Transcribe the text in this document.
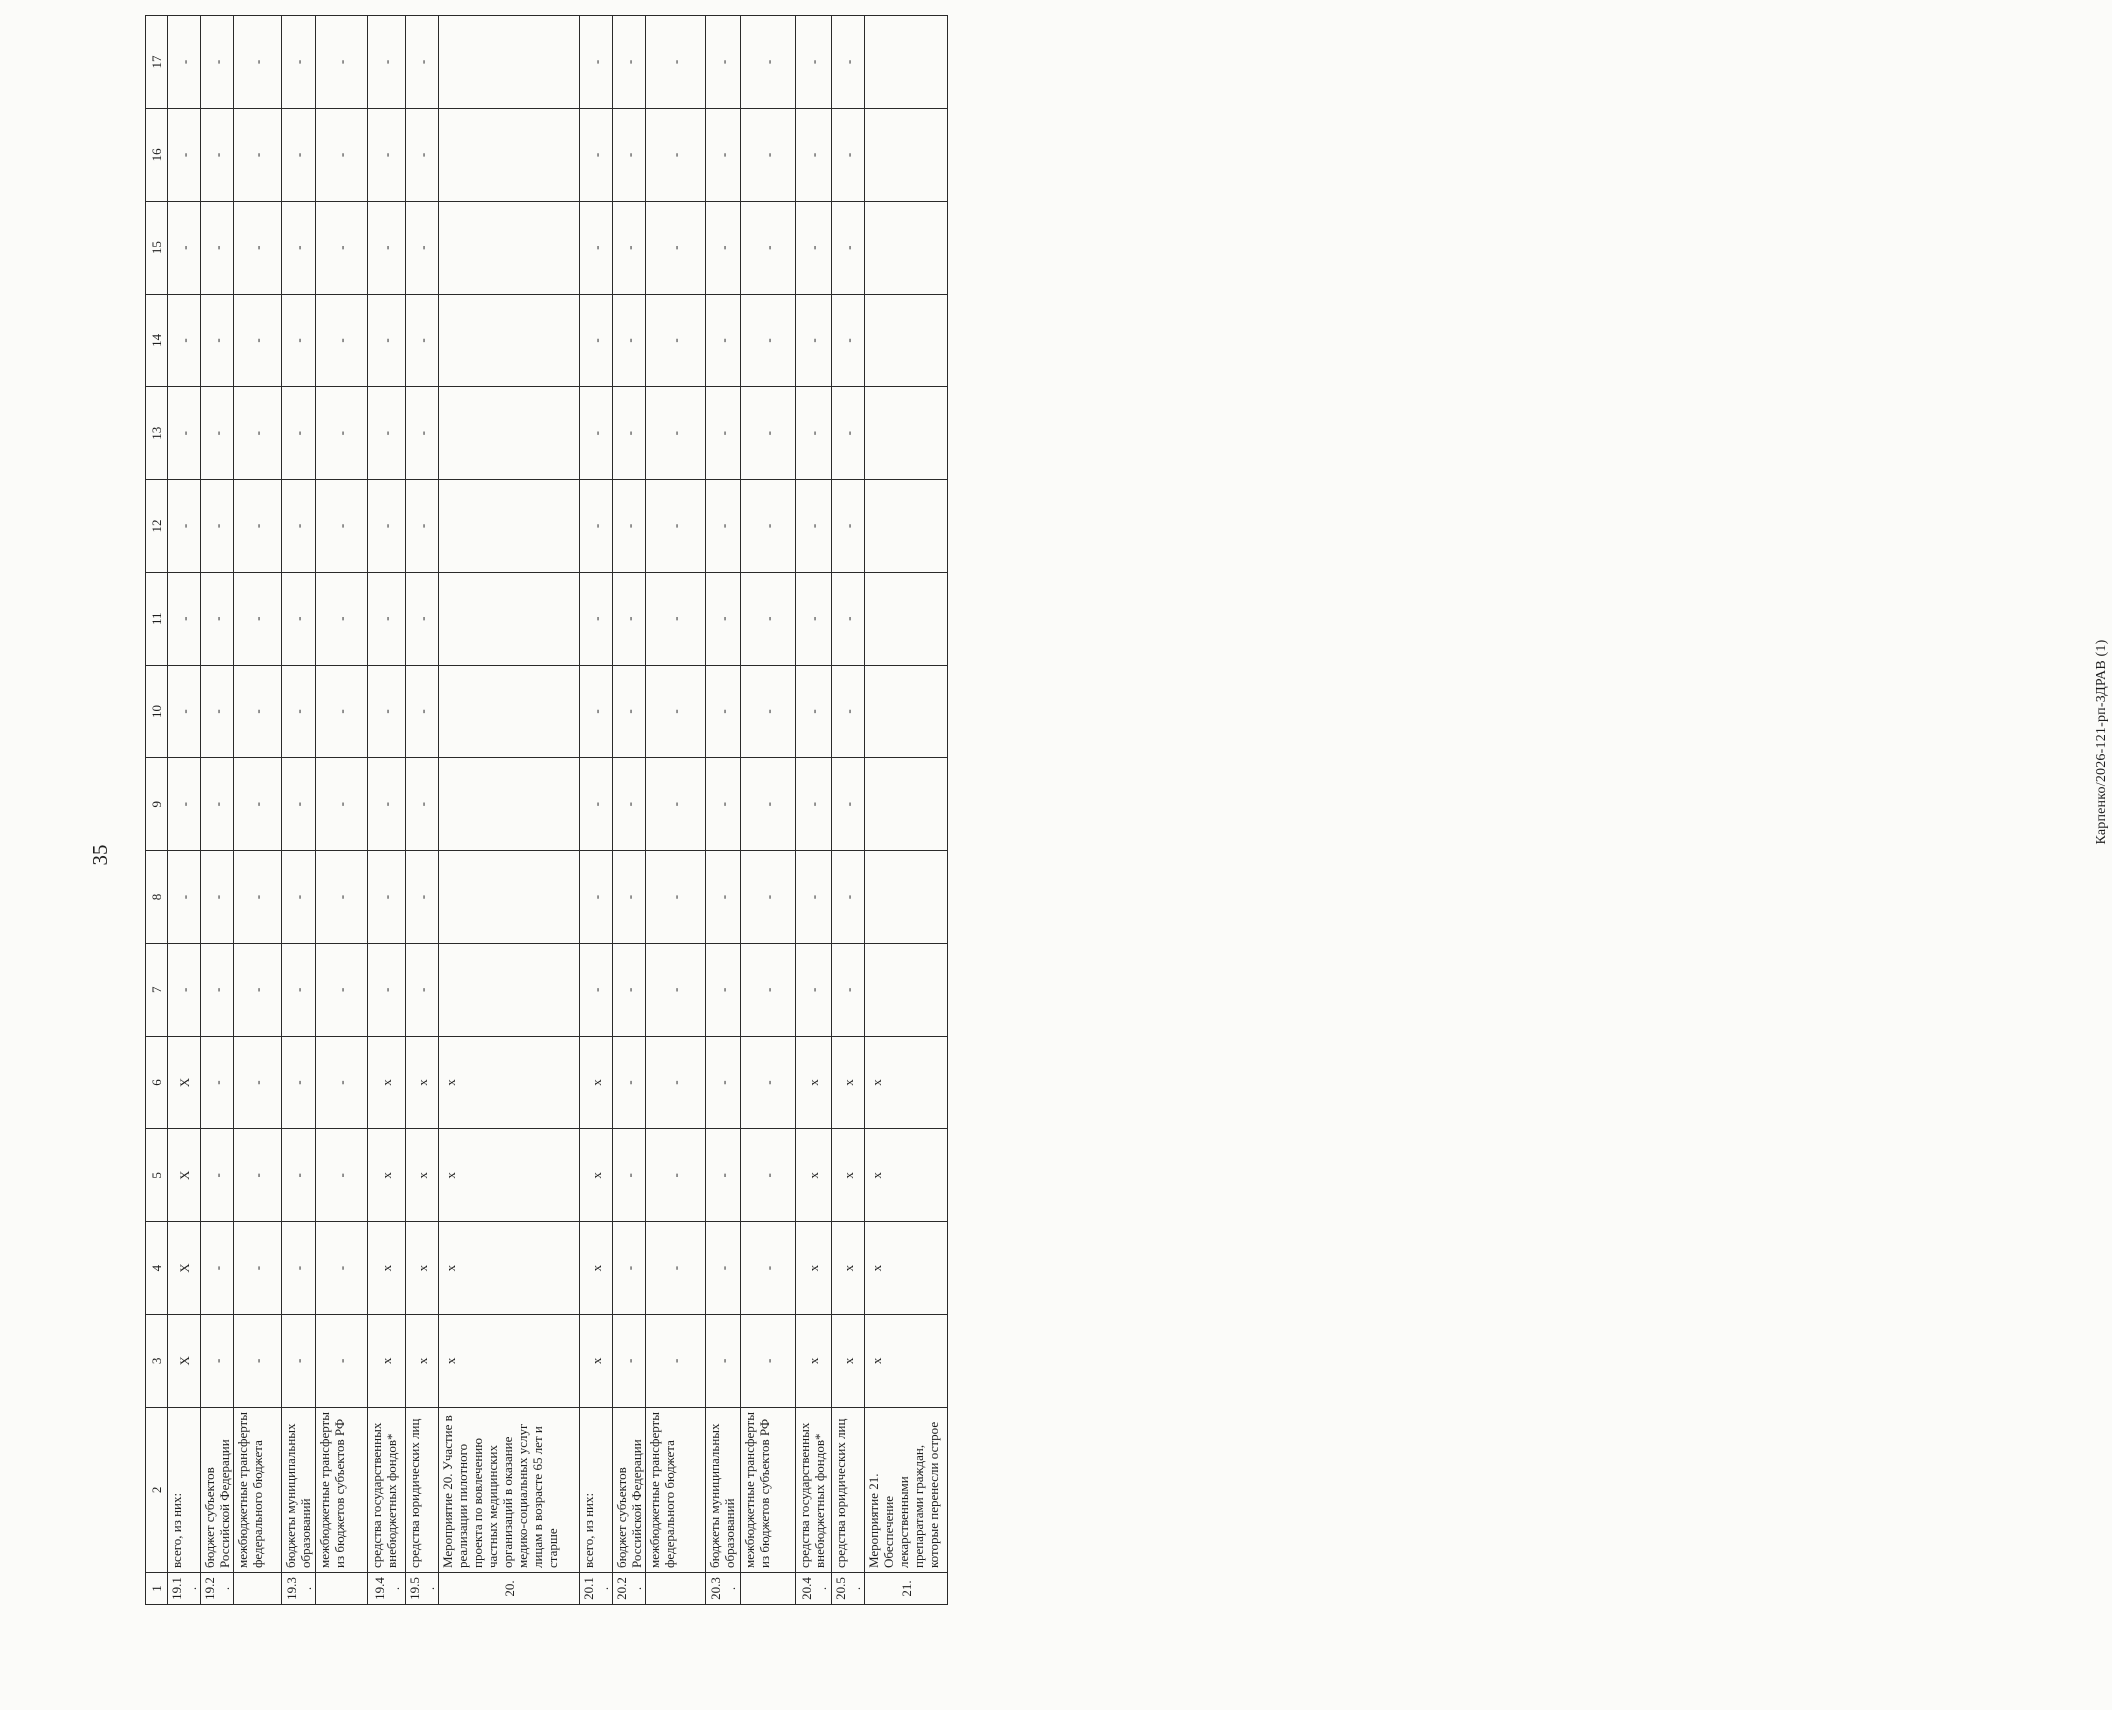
35
Карпенко/2026-121-рп-ЗДРАВ (1)
1	2	3	4	5	6	7	8	9	10	11	12	13	14	15	16	17
19.1.	всего, из них:	X	X	X	X	-	-	-	-	-	-	-	-	-	-	-
19.2.	бюджет субъектов Российской Федерации	-	-	-	-	-	-	-	-	-	-	-	-	-	-	-
	межбюджетные трансферты федерального бюджета	-	-	-	-	-	-	-	-	-	-	-	-	-	-	-
19.3.	бюджеты муниципальных образований	-	-	-	-	-	-	-	-	-	-	-	-	-	-	-
	межбюджетные трансферты из бюджетов субъектов РФ	-	-	-	-	-	-	-	-	-	-	-	-	-	-	-
19.4.	средства государственных внебюджетных фондов*	x	x	x	x	-	-	-	-	-	-	-	-	-	-	-
19.5.	средства юридических лиц	x	x	x	x	-	-	-	-	-	-	-	-	-	-	-
20.	Мероприятие 20. Участие в реализации пилотного проекта по вовлечению частных медицинских организаций в оказание медико-социальных услуг лицам в возрасте 65 лет и старше	x	x	x	x											
20.1.	всего, из них:	x	x	x	x	-	-	-	-	-	-	-	-	-	-	-
20.2.	бюджет субъектов Российской Федерации	-	-	-	-	-	-	-	-	-	-	-	-	-	-	-
	межбюджетные трансферты федерального бюджета	-	-	-	-	-	-	-	-	-	-	-	-	-	-	-
20.3.	бюджеты муниципальных образований	-	-	-	-	-	-	-	-	-	-	-	-	-	-	-
	межбюджетные трансферты из бюджетов субъектов РФ	-	-	-	-	-	-	-	-	-	-	-	-	-	-	-
20.4.	средства государственных внебюджетных фондов*	x	x	x	x	-	-	-	-	-	-	-	-	-	-	-
20.5.	средства юридических лиц	x	x	x	x	-	-	-	-	-	-	-	-	-	-	-
21.	Мероприятие 21. Обеспечение лекарственными препаратами граждан, которые перенесли острое	x	x	x	x											
